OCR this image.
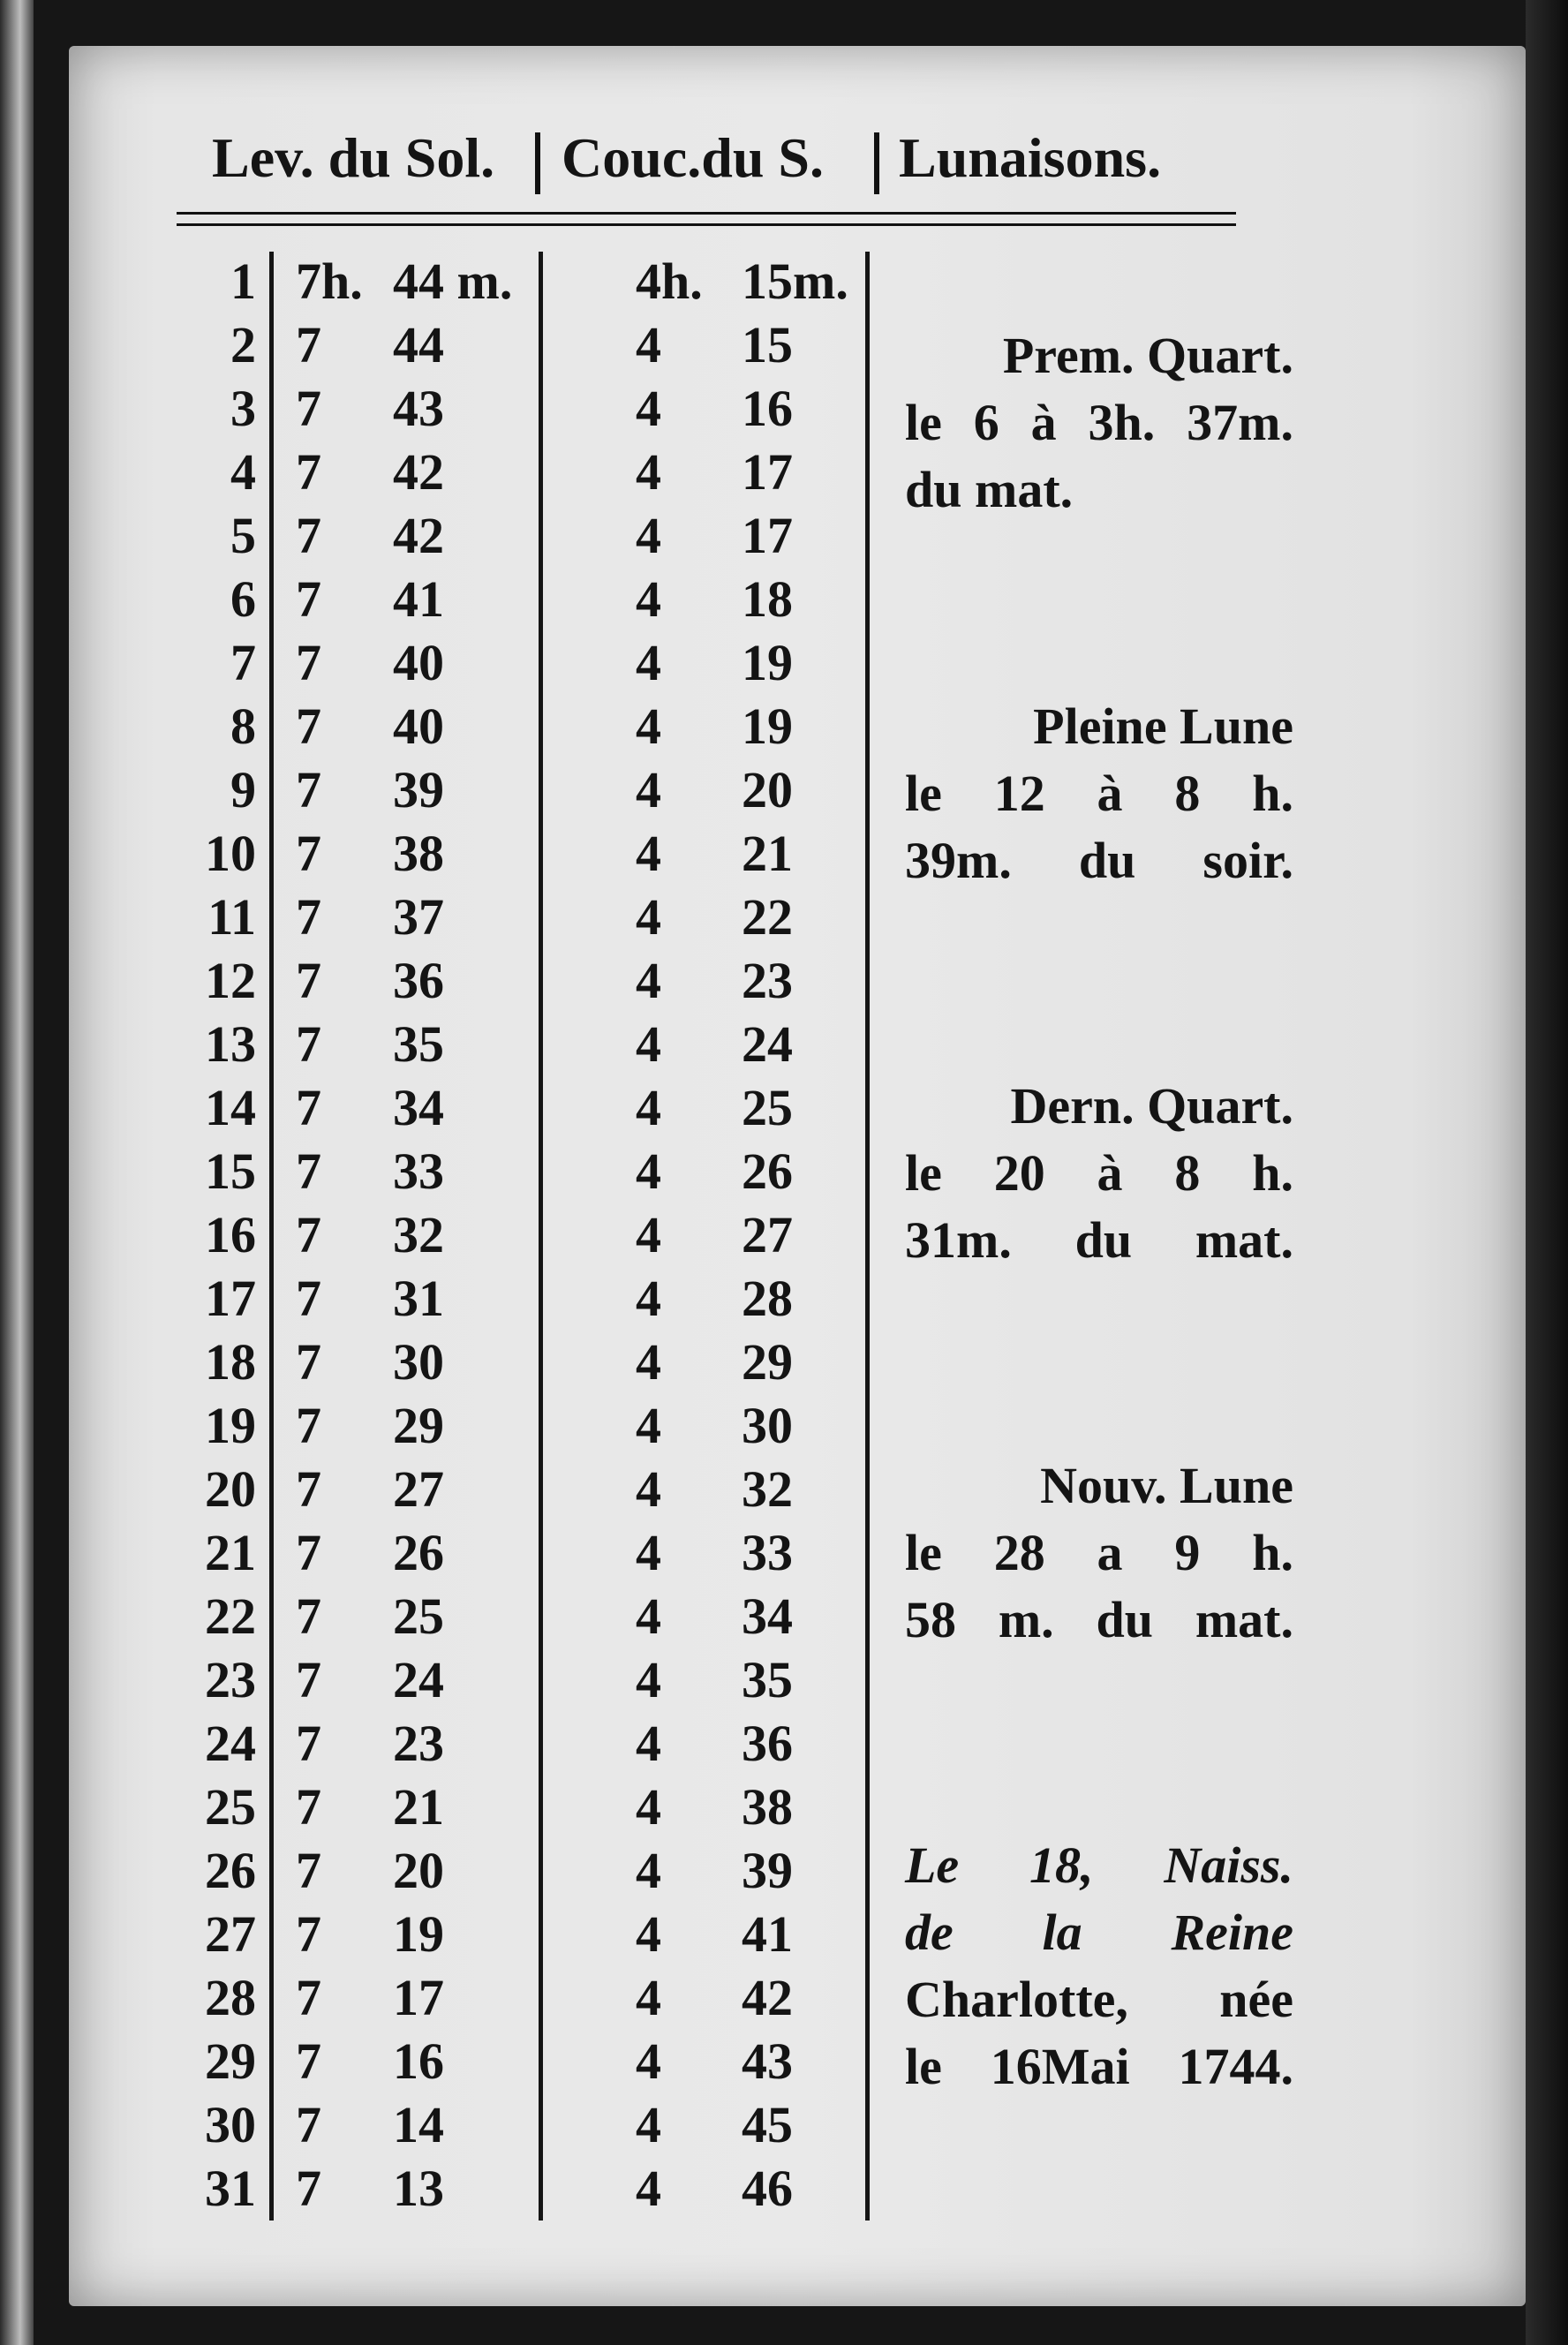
Lev. du Sol. Couc.du S. Lunaisons.
1 7h. 44 m. 4h. 15m.
2 7 44	4 15
3 7 43	4 16
4 7 42	4 17
5 7 42	4 17
6 7 41	4 18
7 7 40	4 19
8 7 40	4 19
9 7 39	4 20
10 7 38	4 21
11 7 37	4 22
12 7 36	4 23
13 7 35	4 24
14 7 34	4 25
15 7 33	4 26
16 7 32	4 27
17 7 31	4 28
18 7 30	4 29
19 7 29	4 30
20 7 27	4 32
21 7 26	4 33
22 7 25	4 34
23 7 24	4 35
24 7 23	4 36
25 7 21	4 38
26 7 20	4 39
27 7 19	4 41
28 7 17	4 42
29 7 16	4 43
30 7 14	4 45
31 7 13	4 46
Prem. Quart.
le 6 à 3h. 37m.
du mat.
Pleine Lune
le 12 à 8 h.
39m. du soir.
Dern. Quart.
le 20 à 8 h.
31m. du mat.
Nouv. Lune
le 28 a 9 h.
58 m. du mat.
Le 18, Naiss.
de la Reine
Charlotte, née
le 16Mai 1744.
